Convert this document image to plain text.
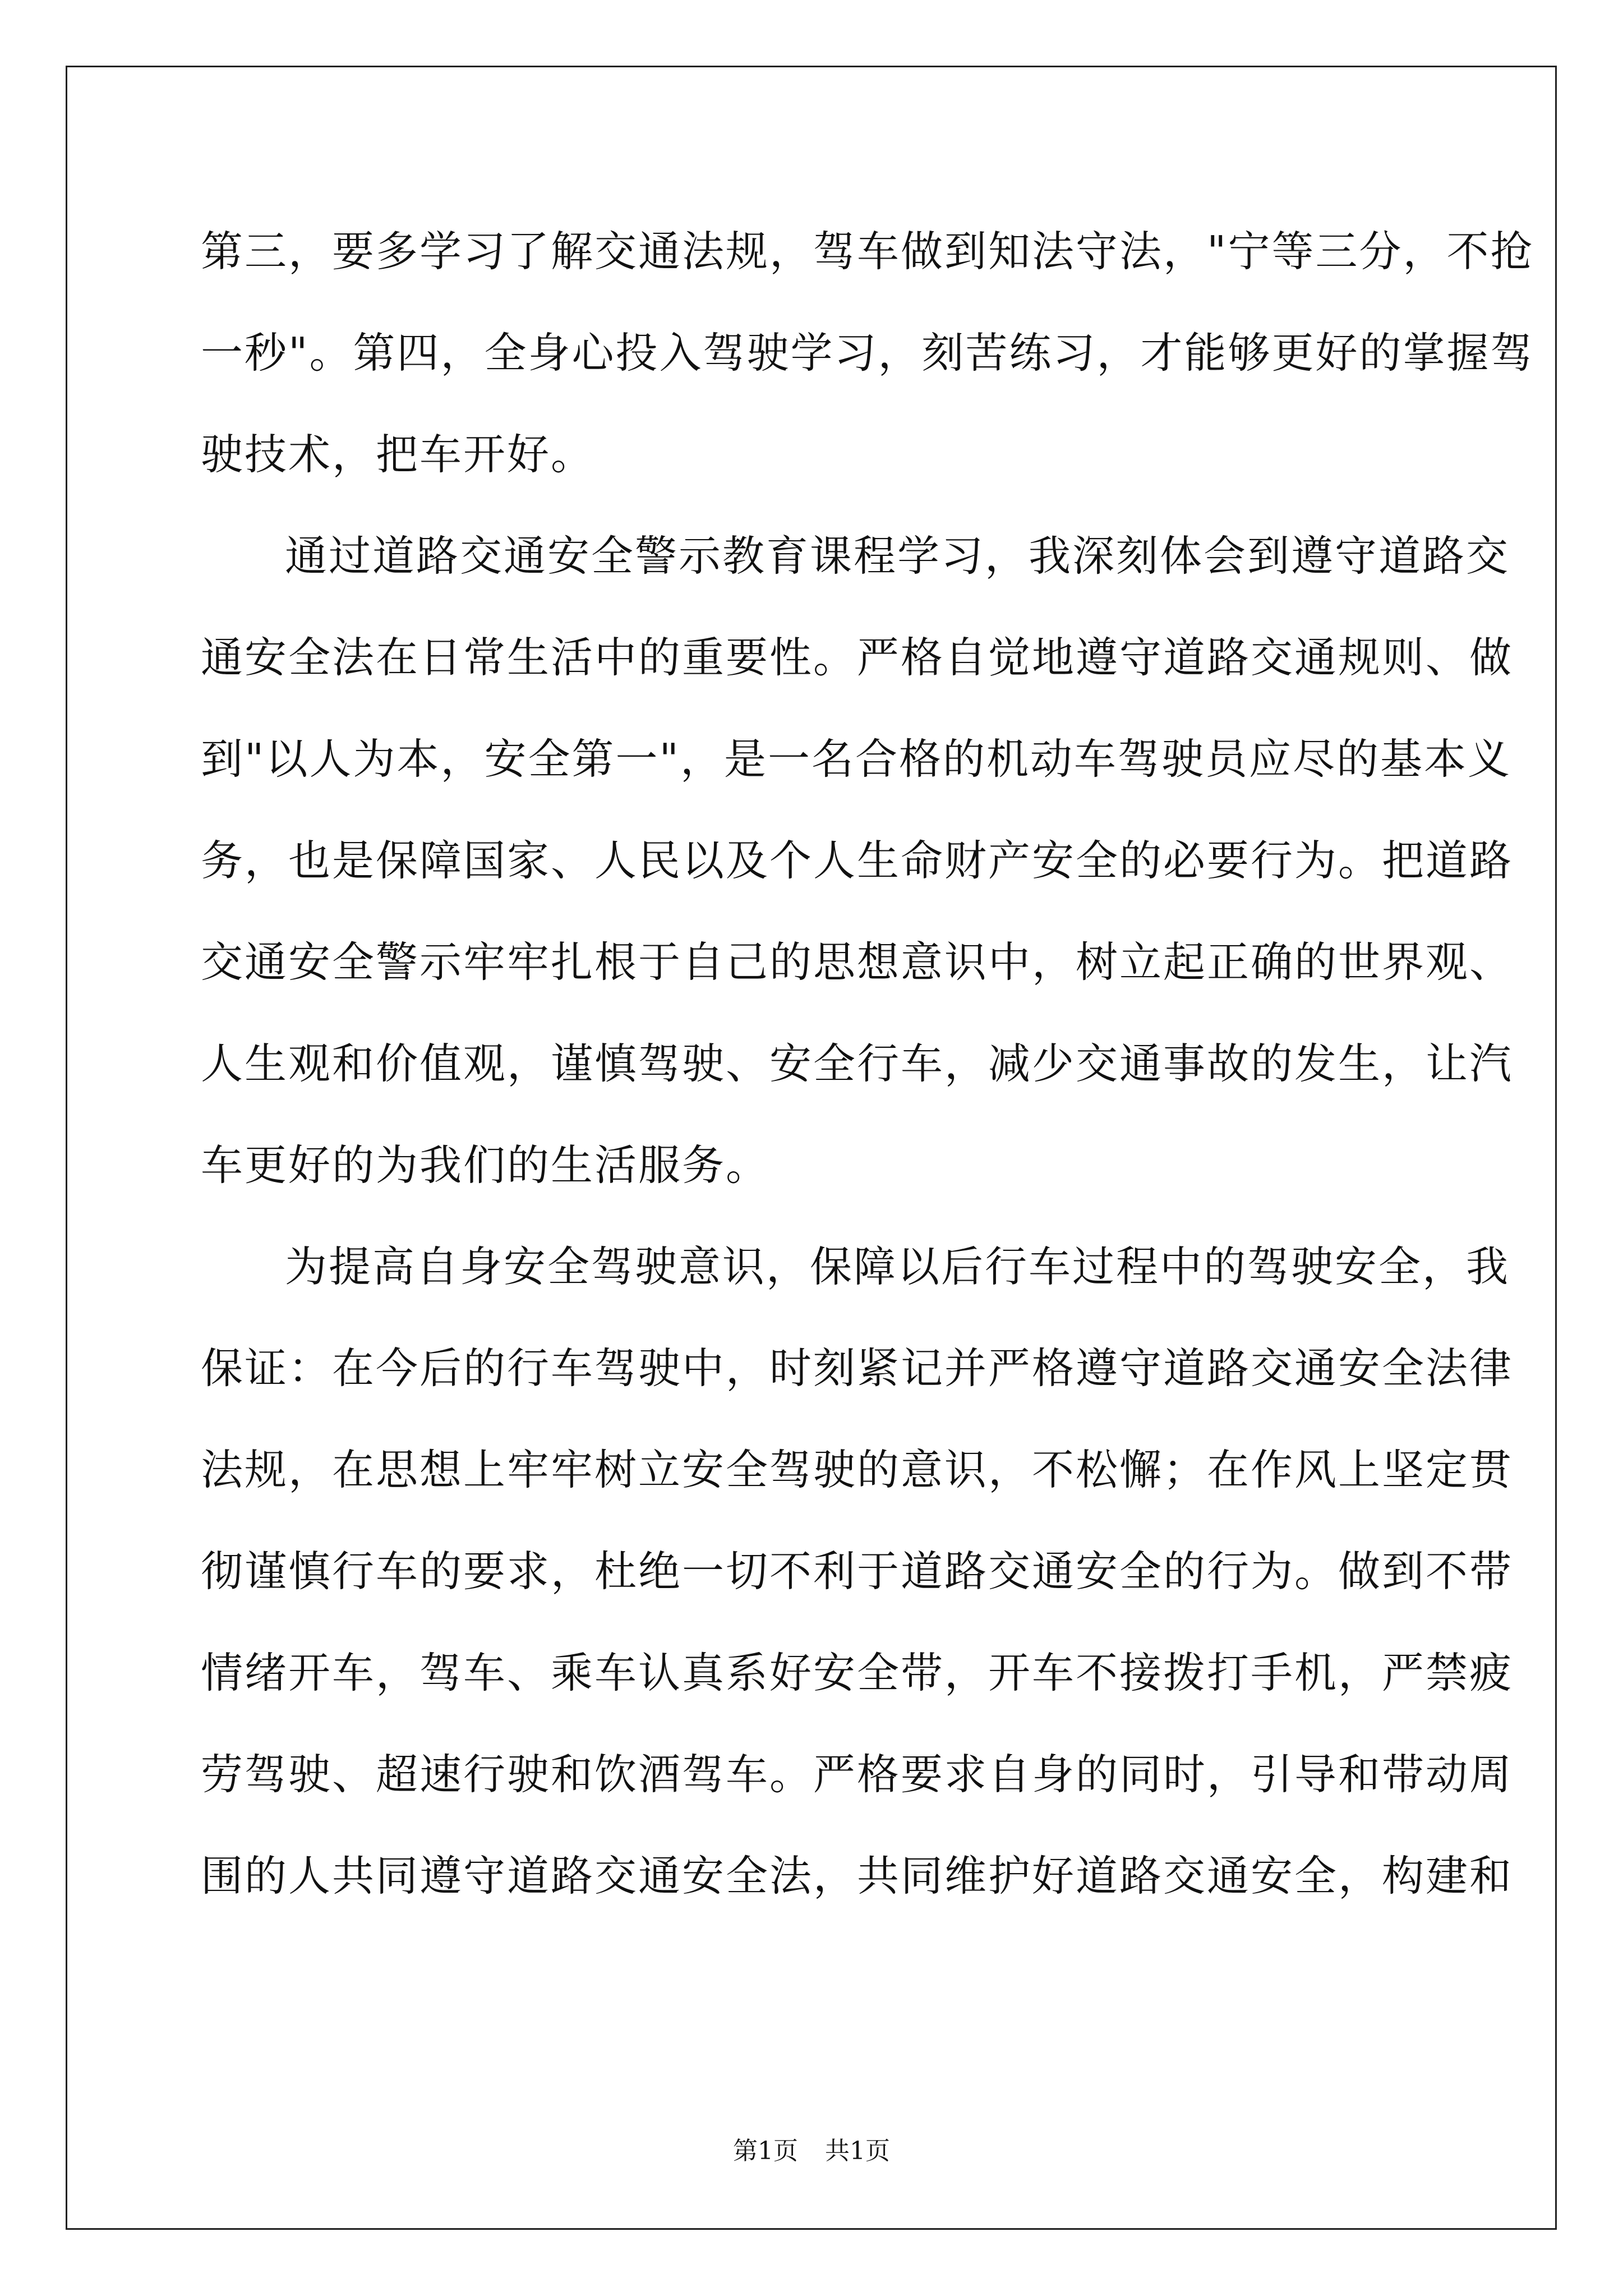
第三，要多学习了解交通法规，驾车做到知法守法，"宁等三分，不抢
一秒"。第四，全身心投入驾驶学习，刻苦练习，才能够更好的掌握驾
驶技术，把车开好。
通过道路交通安全警示教育课程学习，我深刻体会到遵守道路交
通安全法在日常生活中的重要性。严格自觉地遵守道路交通规则、做
到"以人为本，安全第一"，是一名合格的机动车驾驶员应尽的基本义
务，也是保障国家、人民以及个人生命财产安全的必要行为。把道路
交通安全警示牢牢扎根于自己的思想意识中，树立起正确的世界观、
人生观和价值观，谨慎驾驶、安全行车，减少交通事故的发生，让汽
车更好的为我们的生活服务。
为提高自身安全驾驶意识，保障以后行车过程中的驾驶安全，我
保证：在今后的行车驾驶中，时刻紧记并严格遵守道路交通安全法律
法规，在思想上牢牢树立安全驾驶的意识，不松懈；在作风上坚定贯
彻谨慎行车的要求，杜绝一切不利于道路交通安全的行为。做到不带
情绪开车，驾车、乘车认真系好安全带，开车不接拨打手机，严禁疲
劳驾驶、超速行驶和饮酒驾车。严格要求自身的同时，引导和带动周
围的人共同遵守道路交通安全法，共同维护好道路交通安全，构建和
第1页 共1页
